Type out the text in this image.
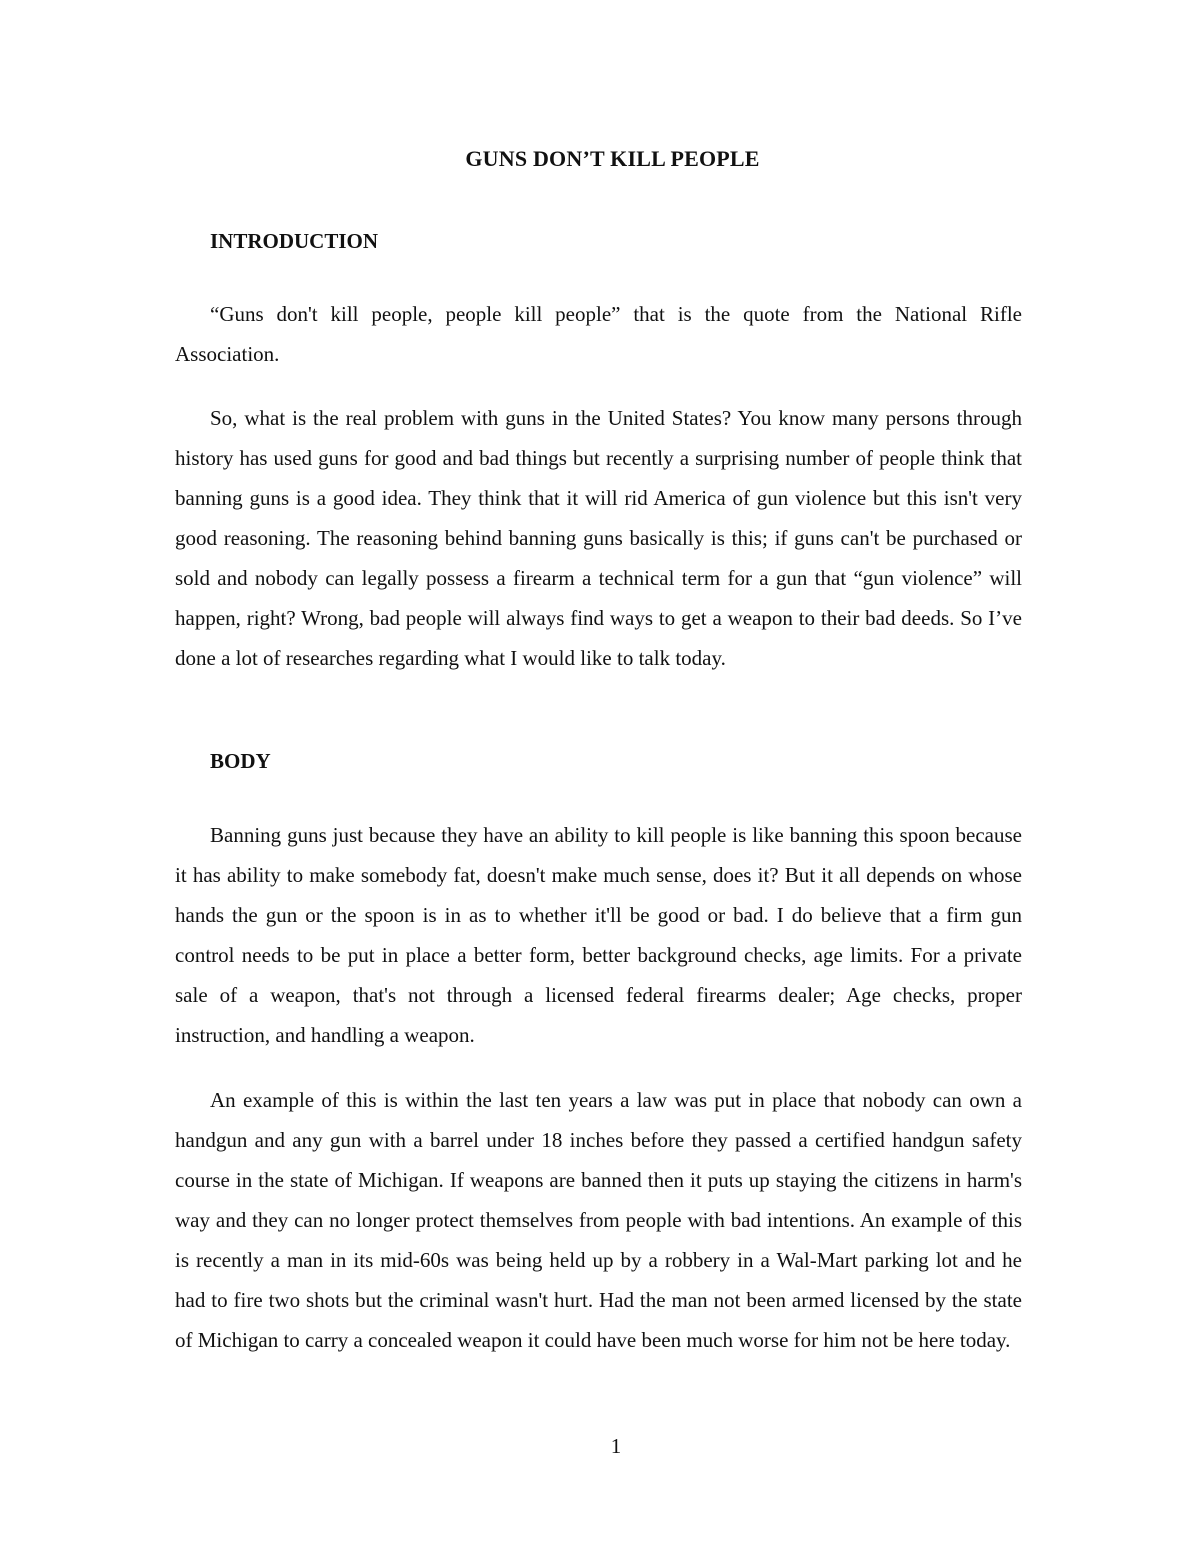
GUNS DON’T KILL PEOPLE
INTRODUCTION

“Guns don't kill people, people kill people” that is the quote from the National Rifle Association.

So, what is the real problem with guns in the United States? You know many persons through history has used guns for good and bad things but recently a surprising number of people think that banning guns is a good idea. They think that it will rid America of gun violence but this isn't very good reasoning. The reasoning behind banning guns basically is this; if guns can't be purchased or sold and nobody can legally possess a firearm a technical term for a gun that “gun violence” will happen, right? Wrong, bad people will always find ways to get a weapon to their bad deeds. So I’ve done a lot of researches regarding what I would like to talk today.

BODY

Banning guns just because they have an ability to kill people is like banning this spoon because it has ability to make somebody fat, doesn't make much sense, does it? But it all depends on whose hands the gun or the spoon is in as to whether it'll be good or bad. I do believe that a firm gun control needs to be put in place a better form, better background checks, age limits. For a private sale of a weapon, that's not through a licensed federal firearms dealer; Age checks, proper instruction, and handling a weapon.

An example of this is within the last ten years a law was put in place that nobody can own a handgun and any gun with a barrel under 18 inches before they passed a certified handgun safety course in the state of Michigan. If weapons are banned then it puts up staying the citizens in harm's way and they can no longer protect themselves from people with bad intentions. An example of this is recently a man in its mid-60s was being held up by a robbery in a Wal-Mart parking lot and he had to fire two shots but the criminal wasn't hurt. Had the man not been armed licensed by the state of Michigan to carry a concealed weapon it could have been much worse for him not be here today.

1
